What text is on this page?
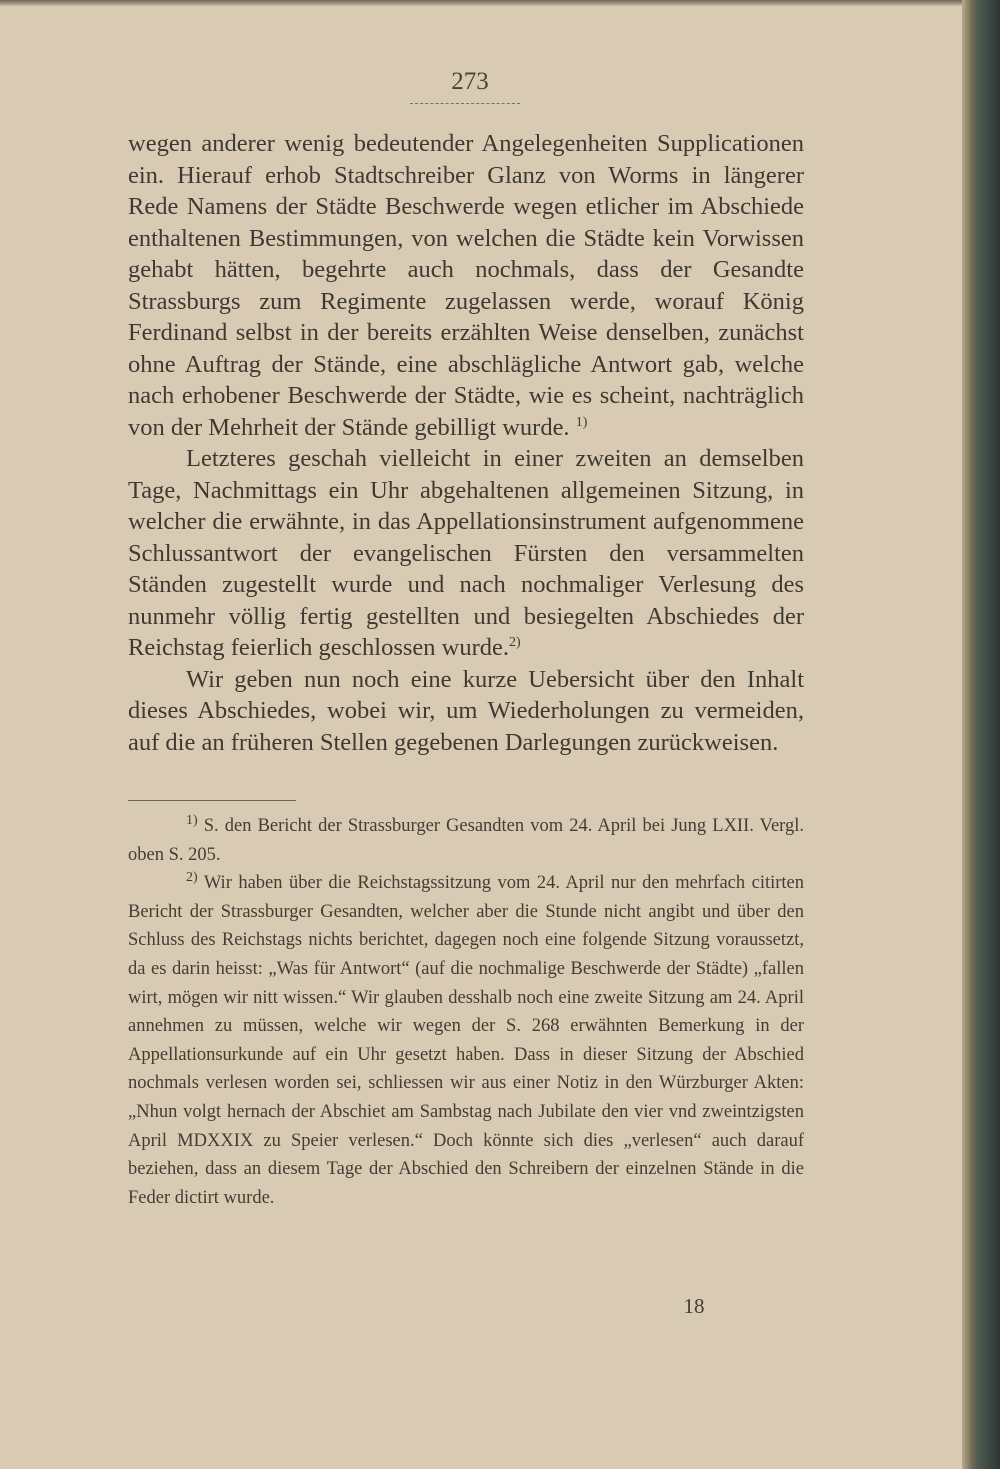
273

wegen anderer wenig bedeutender Angelegenheiten Supplicationen ein. Hierauf erhob Stadtschreiber Glanz von Worms in längerer Rede Namens der Städte Beschwerde wegen etlicher im Abschiede enthaltenen Bestimmungen, von welchen die Städte kein Vorwissen gehabt hätten, begehrte auch nochmals, dass der Gesandte Strassburgs zum Regimente zugelassen werde, worauf König Ferdinand selbst in der bereits erzählten Weise denselben, zunächst ohne Auftrag der Stände, eine abschlägliche Antwort gab, welche nach erhobener Beschwerde der Städte, wie es scheint, nachträglich von der Mehrheit der Stände gebilligt wurde. $^{1)}$

Letzteres geschah vielleicht in einer zweiten an demselben Tage, Nachmittags ein Uhr abgehaltenen allgemeinen Sitzung, in welcher die erwähnte, in das Appellationsinstrument aufgenommene Schlussantwort der evangelischen Fürsten den versammelten Ständen zugestellt wurde und nach nochmaliger Verlesung des nunmehr völlig fertig gestellten und besiegelten Abschiedes der Reichstag feierlich geschlossen wurde.$^{2)}$

Wir geben nun noch eine kurze Uebersicht über den Inhalt dieses Abschiedes, wobei wir, um Wiederholungen zu vermeiden, auf die an früheren Stellen gegebenen Darlegungen zurückweisen.

$^{1)}$ S. den Bericht der Strassburger Gesandten vom 24. April bei Jung LXII. Vergl. oben S. 205.

$^{2)}$ Wir haben über die Reichstagssitzung vom 24. April nur den mehrfach citirten Bericht der Strassburger Gesandten, welcher aber die Stunde nicht angibt und über den Schluss des Reichstags nichts berichtet, dagegen noch eine folgende Sitzung voraussetzt, da es darin heisst: „Was für Antwort“ (auf die nochmalige Beschwerde der Städte) „fallen wirt, mögen wir nitt wissen.“ Wir glauben desshalb noch eine zweite Sitzung am 24. April annehmen zu müssen, welche wir wegen der S. 268 erwähnten Bemerkung in der Appellationsurkunde auf ein Uhr gesetzt haben. Dass in dieser Sitzung der Abschied nochmals verlesen worden sei, schliessen wir aus einer Notiz in den Würzburger Akten: „Nhun volgt hernach der Abschiet am Sambstag nach Jubilate den vier vnd zweintzigsten April MDXXIX zu Speier verlesen.“ Doch könnte sich dies „verlesen“ auch darauf beziehen, dass an diesem Tage der Abschied den Schreibern der einzelnen Stände in die Feder dictirt wurde.

18
